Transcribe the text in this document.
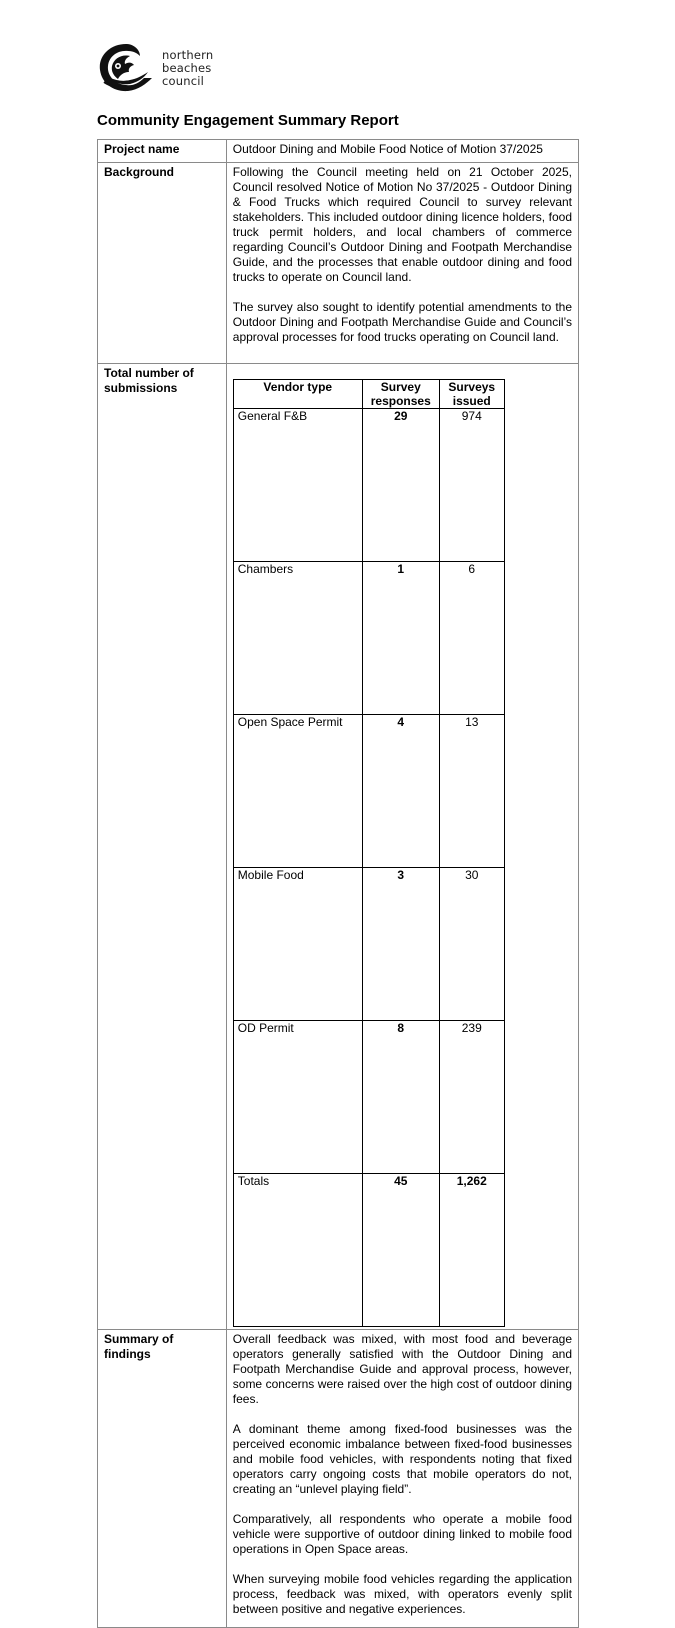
northern
beaches
council
Community Engagement Summary Report
Project name	Outdoor Dining and Mobile Food Notice of Motion 37/2025
Background	Following the Council meeting held on 21 October 2025, Council resolved Notice of Motion No 37/2025 - Outdoor Dining & Food Trucks which required Council to survey relevant stakeholders. This included outdoor dining licence holders, food truck permit holders, and local chambers of commerce regarding Council’s Outdoor Dining and Footpath Merchandise Guide, and the processes that enable outdoor dining and food trucks to operate on Council land.

The survey also sought to identify potential amendments to the Outdoor Dining and Footpath Merchandise Guide and Council’s approval processes for food trucks operating on Council land.

Total number of submissions		Vendor type	Survey responses	Surveys issued
General F&B	29	974
Chambers	1	6
Open Space Permit	4	13
Mobile Food	3	30
OD Permit	8	239
Totals	45	1,262

Summary of findings	

Overall feedback was mixed, with most food and beverage operators generally satisfied with the Outdoor Dining and Footpath Merchandise Guide and approval process, however, some concerns were raised over the high cost of outdoor dining fees.

A dominant theme among fixed-food businesses was the perceived economic imbalance between fixed-food businesses and mobile food vehicles, with respondents noting that fixed operators carry ongoing costs that mobile operators do not, creating an “unlevel playing field”.

Comparatively, all respondents who operate a mobile food vehicle were supportive of outdoor dining linked to mobile food operations in Open Space areas.

When surveying mobile food vehicles regarding the application process, feedback was mixed, with operators evenly split between positive and negative experiences.
